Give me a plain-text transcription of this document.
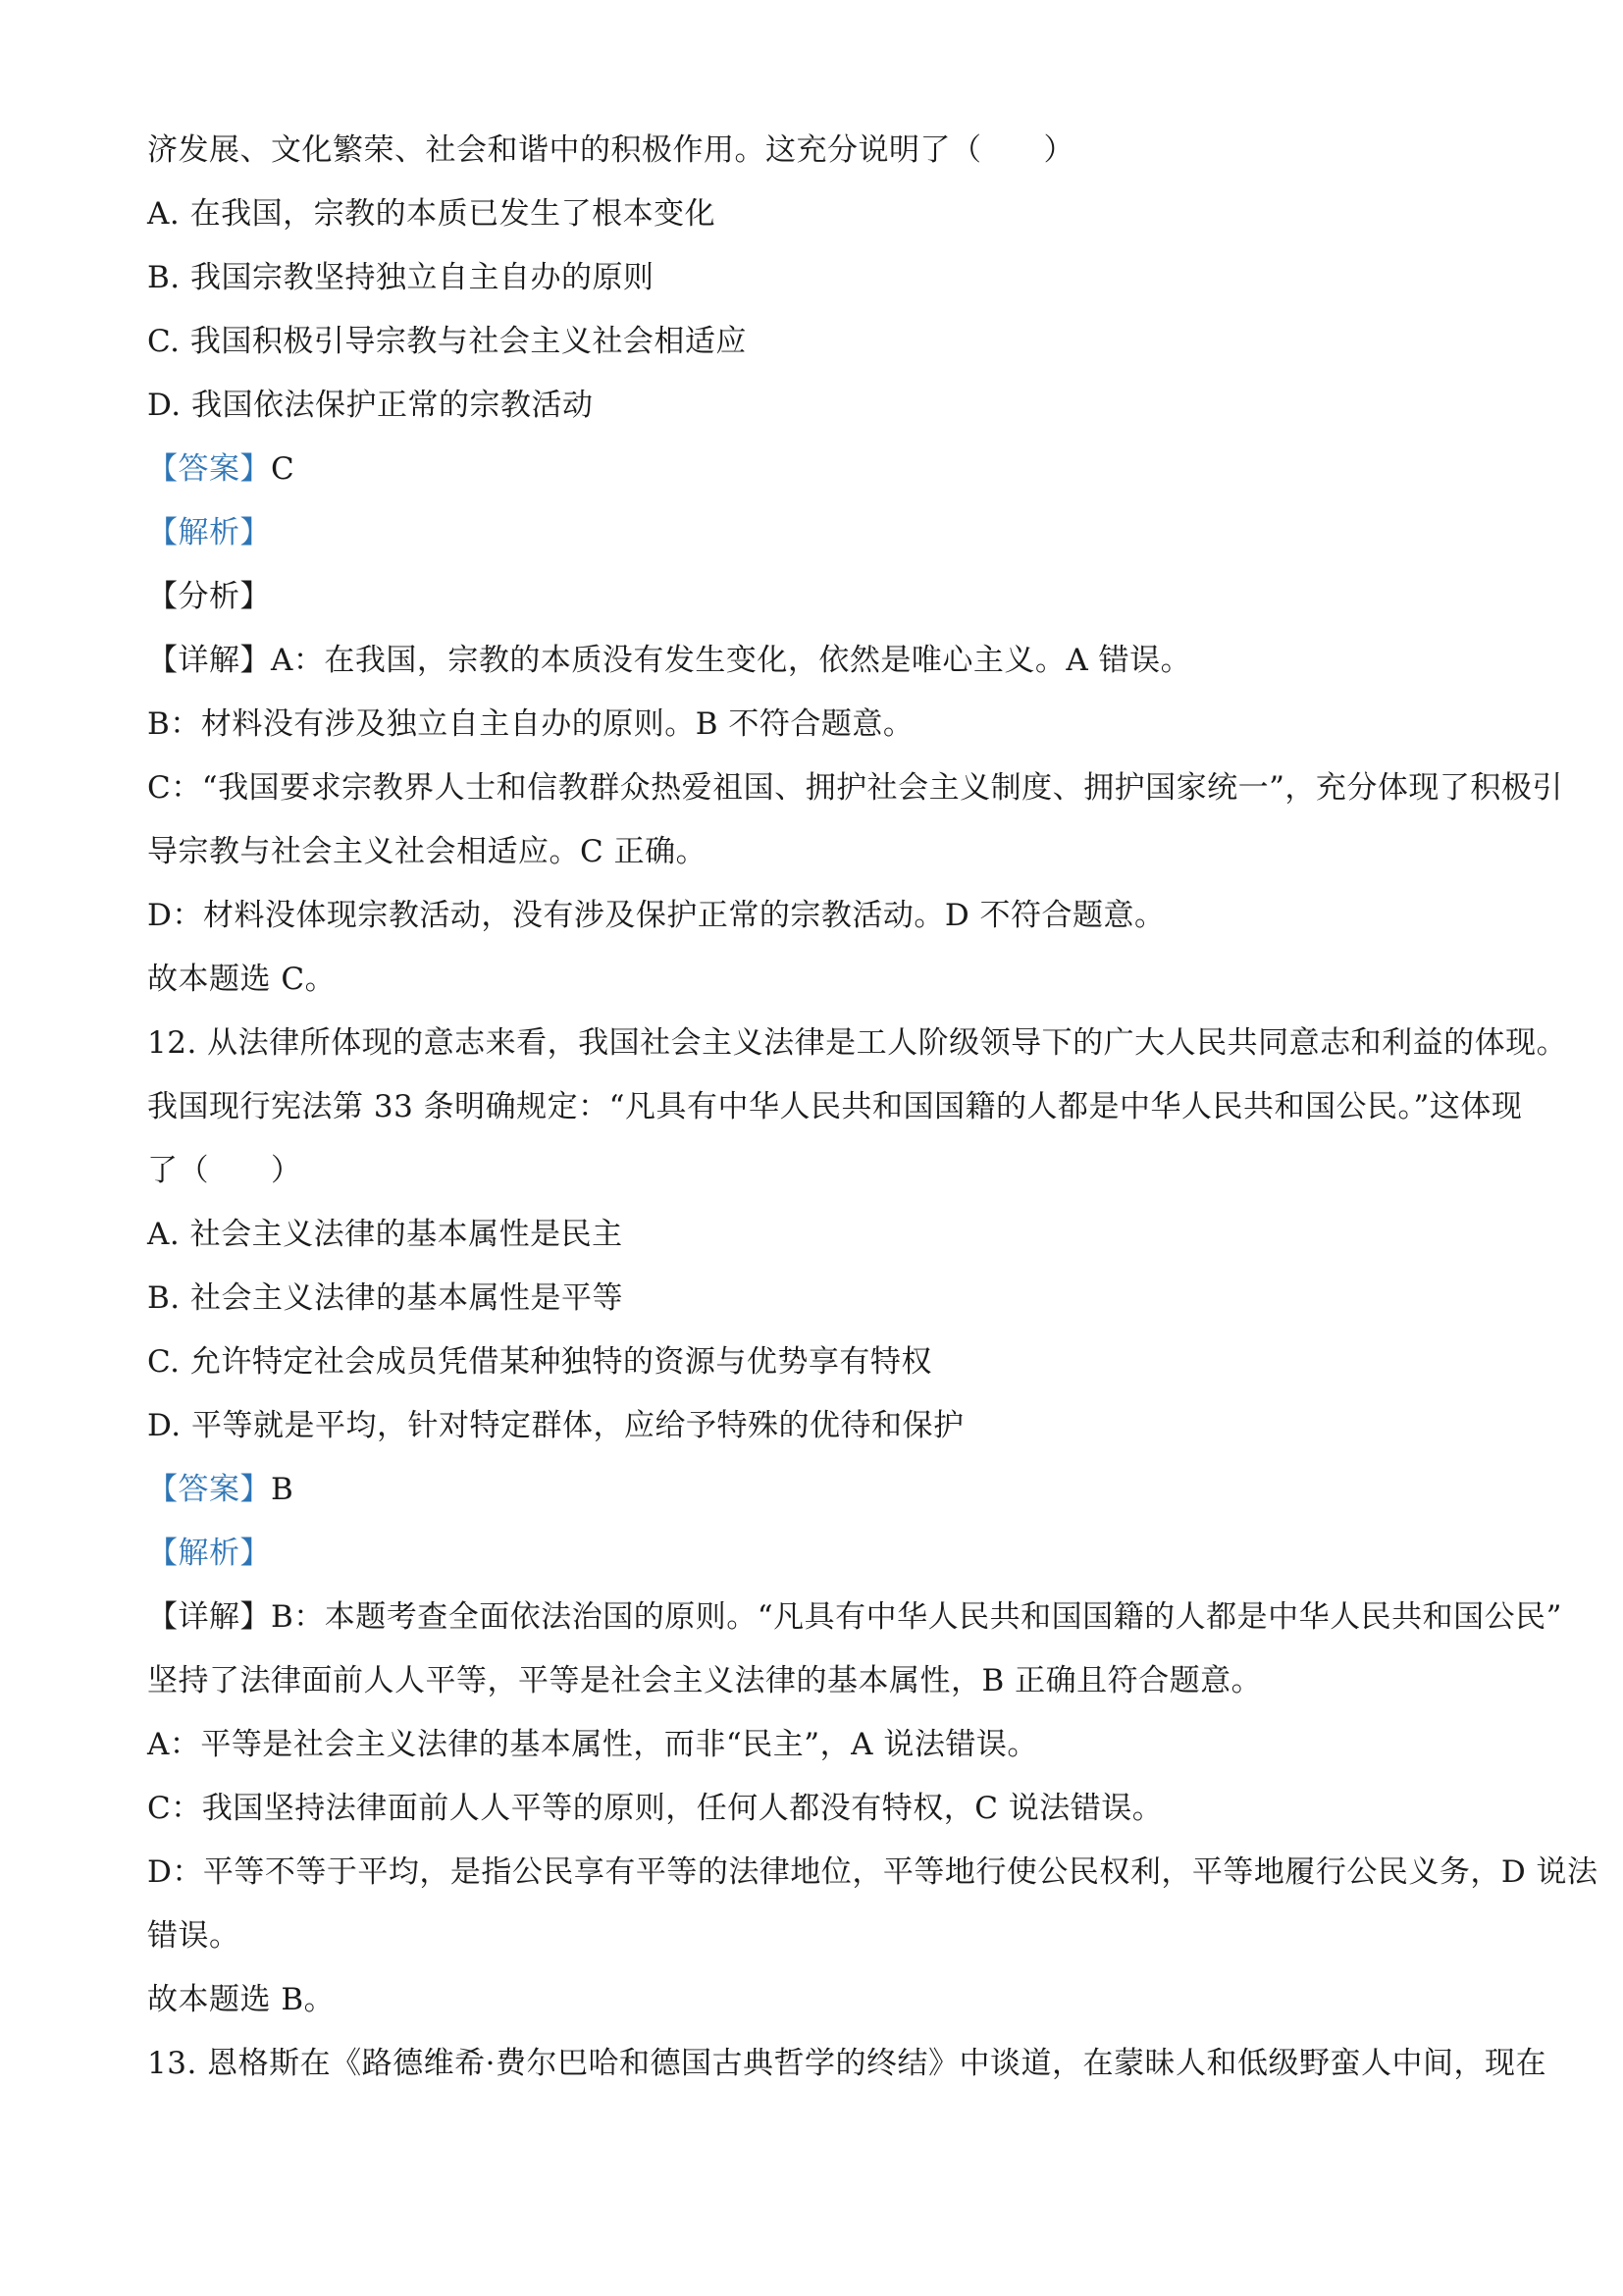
济发展、文化繁荣、社会和谐中的积极作用。这充分说明了（　　）
A. 在我国，宗教的本质已发生了根本变化
B. 我国宗教坚持独立自主自办的原则
C. 我国积极引导宗教与社会主义社会相适应
D. 我国依法保护正常的宗教活动
【答案】C
【解析】
【分析】
【详解】A：在我国，宗教的本质没有发生变化，依然是唯心主义。A 错误。
B：材料没有涉及独立自主自办的原则。B 不符合题意。
C：“我国要求宗教界人士和信教群众热爱祖国、拥护社会主义制度、拥护国家统一”，充分体现了积极引
导宗教与社会主义社会相适应。C 正确。
D：材料没体现宗教活动，没有涉及保护正常的宗教活动。D 不符合题意。
故本题选 C。
12. 从法律所体现的意志来看，我国社会主义法律是工人阶级领导下的广大人民共同意志和利益的体现。
我国现行宪法第 33 条明确规定：“凡具有中华人民共和国国籍的人都是中华人民共和国公民。”这体现
了（　　）
A. 社会主义法律的基本属性是民主
B. 社会主义法律的基本属性是平等
C. 允许特定社会成员凭借某种独特的资源与优势享有特权
D. 平等就是平均，针对特定群体，应给予特殊的优待和保护
【答案】B
【解析】
【详解】B：本题考查全面依法治国的原则。“凡具有中华人民共和国国籍的人都是中华人民共和国公民”
坚持了法律面前人人平等，平等是社会主义法律的基本属性，B 正确且符合题意。
A：平等是社会主义法律的基本属性，而非“民主”，A 说法错误。
C：我国坚持法律面前人人平等的原则，任何人都没有特权，C 说法错误。
D：平等不等于平均，是指公民享有平等的法律地位，平等地行使公民权利，平等地履行公民义务，D 说法
错误。
故本题选 B。
13. 恩格斯在《路德维希·费尔巴哈和德国古典哲学的终结》中谈道，在蒙昧人和低级野蛮人中间，现在
